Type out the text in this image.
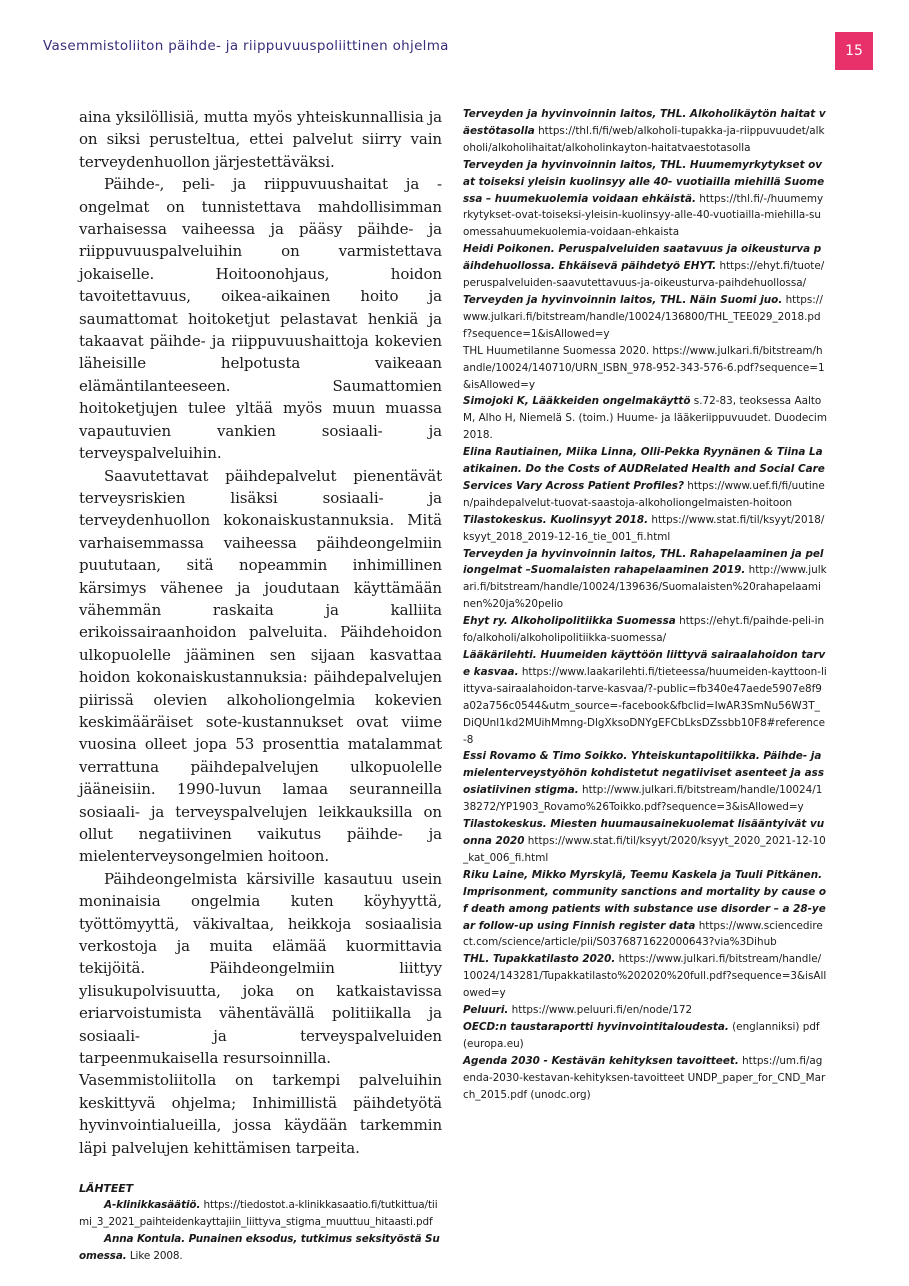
Vasemmistoliiton päihde- ja riippuvuuspoliittinen ohjelma	15

aina yksilöllisiä, mutta myös yhteiskunnallisia ja on siksi perusteltua, ettei palvelut siirry vain terveydenhuollon järjestettäväksi.

Päihde-, peli- ja riippuvuushaitat ja -ongelmat on tunnistettava mahdollisimman varhaisessa vaiheessa ja pääsy päihde- ja riippuvuuspalveluihin on varmistettava jokaiselle. Hoitoonohjaus, hoidon tavoitettavuus, oikea-aikainen hoito ja saumattomat hoitoketjut pelastavat henkiä ja takaavat päihde- ja riippuvuushaittoja kokevien läheisille helpotusta vaikeaan elämäntilanteeseen. Saumattomien hoitoketjujen tulee yltää myös muun muassa vapautuvien vankien sosiaali- ja terveyspalveluihin.

Saavutettavat päihdepalvelut pienentävät terveysriskien lisäksi sosiaali- ja terveydenhuollon kokonaiskustannuksia. Mitä varhaisemmassa vaiheessa päihdeongelmiin puututaan, sitä nopeammin inhimillinen kärsimys vähenee ja joudutaan käyttämään vähemmän raskaita ja kalliita erikoissairaanhoidon palveluita. Päihdehoidon ulkopuolelle jääminen sen sijaan kasvattaa hoidon kokonaiskustannuksia: päihdepalvelujen piirissä olevien alkoholiongelmia kokevien keskimääräiset sote-kustannukset ovat viime vuosina olleet jopa 53 prosenttia matalammat verrattuna päihdepalvelujen ulkopuolelle jääneisiin. 1990-luvun lamaa seuranneilla sosiaali- ja terveyspalvelujen leikkauksilla on ollut negatiivinen vaikutus päihde- ja mielenterveysongelmien hoitoon.

Päihdeongelmista kärsiville kasautuu usein moninaisia ongelmia kuten köyhyyttä, työttömyyttä, väkivaltaa, heikkoja sosiaalisia verkostoja ja muita elämää kuormittavia tekijöitä. Päihdeongelmiin liittyy ylisukupolvisuutta, joka on katkaistavissa eriarvoistumista vähentävällä politiikalla ja sosiaali- ja terveyspalveluiden tarpeenmukaisella resursoinnilla.

Vasemmistoliitolla on tarkempi palveluihin keskittyvä ohjelma; Inhimillistä päihdetyötä hyvinvointialueilla, jossa käydään tarkemmin läpi palvelujen kehittämisen tarpeita.

LÄHTEET

A-klinikkasäätiö. https://tiedostot.a-klinikkasaatio.fi/tutkittua/tiimi_3_2021_paihteidenkayttajiin_liittyva_stigma_muuttuu_hitaasti.pdf

Anna Kontula. Punainen eksodus, tutkimus seksityöstä Suomessa. Like 2008.

Terveyden ja hyvinvoinnin laitos, THL. Alkoholikäytön haitat väestötasolla https://thl.fi/fi/web/alkoholi-tupakka-ja-riippuvuudet/alkoholi/alkoholihaitat/alkoholinkayton-haitatvaestotasolla

Terveyden ja hyvinvoinnin laitos, THL. Huumemyrkytykset ovat toiseksi yleisin kuolinsyy alle 40- vuotiailla miehillä Suomessa – huumekuolemia voidaan ehkäistä. https://thl.fi/-/huumemyrkytykset-ovat-toiseksi-yleisin-kuolinsyy-alle-40-vuotiailla-miehilla-suomessahuumekuolemia-voidaan-ehkaista

Heidi Poikonen. Peruspalveluiden saatavuus ja oikeusturva päihdehuollossa. Ehkäisevä päihdetyö EHYT. https://ehyt.fi/tuote/peruspalveluiden-saavutettavuus-ja-oikeusturva-paihdehuollossa/

Terveyden ja hyvinvoinnin laitos, THL. Näin Suomi juo. https://www.julkari.fi/bitstream/handle/10024/136800/THL_TEE029_2018.pdf?sequence=1&isAllowed=y

THL Huumetilanne Suomessa 2020. https://www.julkari.fi/bitstream/handle/10024/140710/URN_ISBN_978-952-343-576-6.pdf?sequence=1&isAllowed=y

Simojoki K, Lääkkeiden ongelmakäyttö s.72-83, teoksessa Aalto M, Alho H, Niemelä S. (toim.) Huume- ja lääkeriippuvuudet. Duodecim 2018.

Elina Rautiainen, Miika Linna, Olli-Pekka Ryynänen & Tiina Laatikainen. Do the Costs of AUDRelated Health and Social Care Services Vary Across Patient Profiles? https://www.uef.fi/fi/uutinen/paihdepalvelut-tuovat-saastoja-alkoholiongelmaisten-hoitoon

Tilastokeskus. Kuolinsyyt 2018. https://www.stat.fi/til/ksyyt/2018/ksyyt_2018_2019-12-16_tie_001_fi.html

Terveyden ja hyvinvoinnin laitos, THL. Rahapelaaminen ja peliongelmat –Suomalaisten rahapelaaminen 2019. http://www.julkari.fi/bitstream/handle/10024/139636/Suomalaisten%20rahapelaaminen%20ja%20pelio

Ehyt ry. Alkoholipolitiikka Suomessa https://ehyt.fi/paihde-peli-info/alkoholi/alkoholipolitiikka-suomessa/

Lääkärilehti. Huumeiden käyttöön liittyvä sairaalahoidon tarve kasvaa. https://www.laakarilehti.fi/tieteessa/huumeiden-kayttoon-liittyva-sairaalahoidon-tarve-kasvaa/?-public=fb340e47aede5907e8f9a02a756c0544&utm_source=-facebook&fbclid=IwAR3SmNu56W3T_DiQUnl1kd2MUihMmng-DlgXksoDNYgEFCbLksDZssbb10F8#reference-8

Essi Rovamo & Timo Soikko. Yhteiskuntapolitiikka. Päihde- ja mielenterveystyöhön kohdistetut negatiiviset asenteet ja assosiatiivinen stigma. http://www.julkari.fi/bitstream/handle/10024/138272/YP1903_Rovamo%26Toikko.pdf?sequence=3&isAllowed=y

Tilastokeskus. Miesten huumausainekuolemat lisääntyivät vuonna 2020 https://www.stat.fi/til/ksyyt/2020/ksyyt_2020_2021-12-10_kat_006_fi.html

Riku Laine, Mikko Myrskylä, Teemu Kaskela ja Tuuli Pitkänen. Imprisonment, community sanctions and mortality by cause of death among patients with substance use disorder – a 28-year follow-up using Finnish register data https://www.sciencedirect.com/science/article/pii/S0376871622000643?via%3Dihub

THL. Tupakkatilasto 2020. https://www.julkari.fi/bitstream/handle/10024/143281/Tupakkatilasto%202020%20full.pdf?sequence=3&isAllowed=y

Peluuri. https://www.peluuri.fi/en/node/172

OECD:n taustaraportti hyvinvointitaloudesta. (englanniksi) pdf (europa.eu)

Agenda 2030 - Kestävän kehityksen tavoitteet. https://um.fi/agenda-2030-kestavan-kehityksen-tavoitteet UNDP_paper_for_CND_March_2015.pdf (unodc.org)
